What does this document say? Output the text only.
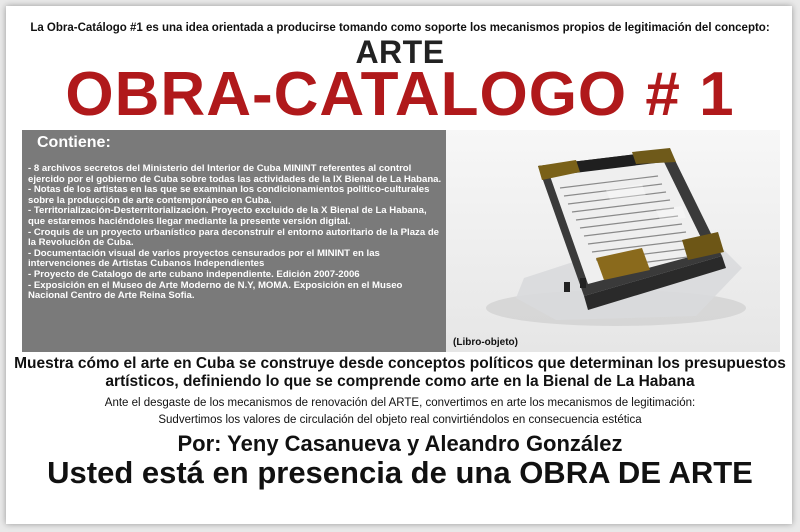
La Obra-Catálogo #1 es una idea orientada a producirse tomando como soporte los mecanismos propios de legitimación del concepto:
ARTE
OBRA-CATALOGO # 1
Contiene:
- 8 archivos secretos del Ministerio del Interior de Cuba MININT referentes al control ejercido por el gobierno de Cuba sobre todas las actividades de la IX Bienal de La Habana.
- Notas de los artistas en las que se examinan los condicionamientos politico-culturales sobre la producción de arte contemporáneo en Cuba.
- Territorialización-Desterritorialización. Proyecto excluido de la X Bienal de La Habana, que estaremos haciéndoles llegar mediante la presente versión digital.
- Croquis de un proyecto urbanístico para deconstruir el entorno autoritario de la Plaza de la Revolución de Cuba.
- Documentación visual de varios proyectos censurados por el MININT en las intervenciones de Artistas Cubanos Independientes
- Proyecto de Catalogo de arte cubano independiente. Edición 2007-2006
- Exposición en el Museo de Arte Moderno de N.Y, MOMA. Exposición en el Museo Nacional Centro de Arte Reina Sofia.
(Libro-objeto)
Muestra cómo el arte en Cuba se construye desde conceptos políticos que determinan los presupuestos artísticos, definiendo lo que se comprende como arte en la Bienal de La Habana
Ante el desgaste de los mecanismos de renovación del ARTE, convertimos en arte los mecanismos de legitimación:
Sudvertimos los valores de circulación del objeto real convirtiéndolos en consecuencia estética
Por: Yeny Casanueva y Aleandro González
Usted está en presencia de una OBRA DE ARTE
